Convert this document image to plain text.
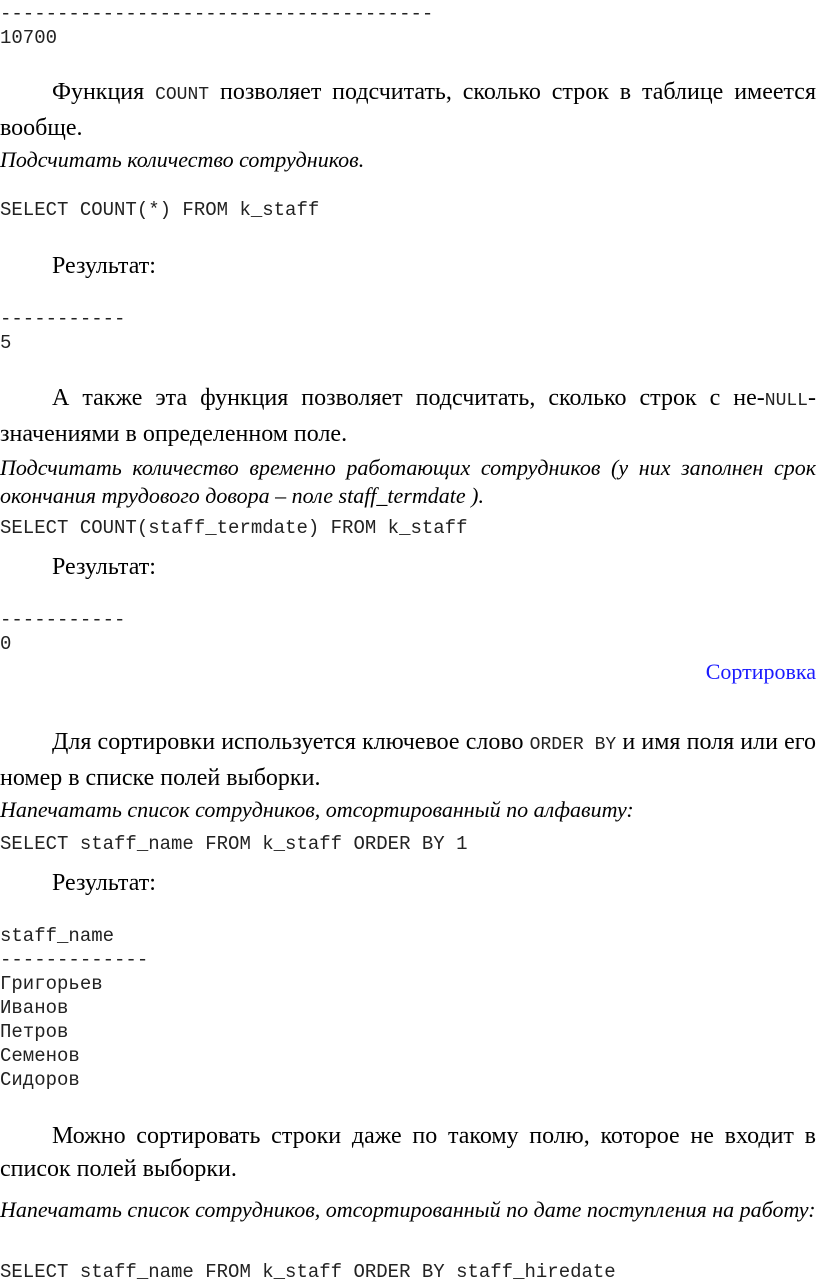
--------------------------------------
10700

Функция COUNT позволяет подсчитать, сколько строк в таблице имеется вообще.

Подсчитать количество сотрудников.

SELECT COUNT(*) FROM k_staff

Результат:

-----------
5

А также эта функция позволяет подсчитать, сколько строк с не-NULL-значениями в определенном поле.

Подсчитать количество временно работающих сотрудников (у них заполнен срок окончания трудового довора – поле staff_termdate ).

SELECT COUNT(staff_termdate) FROM k_staff

Результат:

-----------
0
Сортировка

Для сортировки используется ключевое слово ORDER BY и имя поля или его номер в списке полей выборки.

Напечатать список сотрудников, отсортированный по алфавиту:

SELECT staff_name FROM k_staff ORDER BY 1

Результат:

staff_name
-------------
Григорьев
Иванов
Петров
Семенов
Сидоров

Можно сортировать строки даже по такому полю, которое не входит в список полей выборки.

Напечатать список сотрудников, отсортированный по дате поступления на работу:

SELECT staff_name FROM k_staff ORDER BY staff_hiredate
